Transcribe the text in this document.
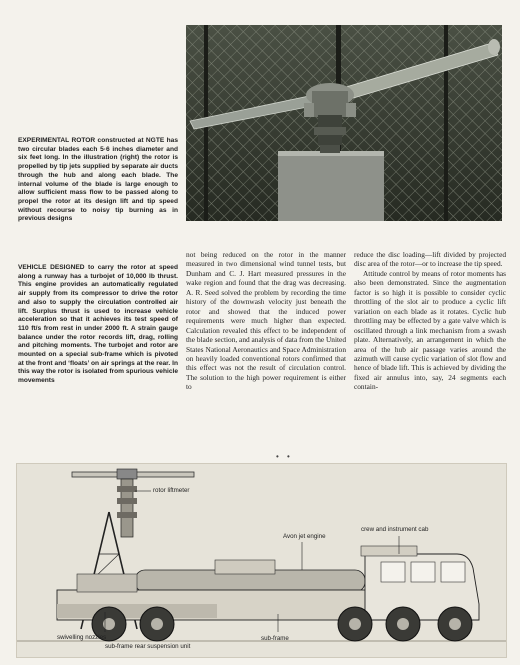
EXPERIMENTAL ROTOR constructed at NGTE has two circular blades each 5·6 inches diameter and six feet long. In the illustration (right) the rotor is propelled by tip jets supplied by separate air ducts through the hub and along each blade. The internal volume of the blade is large enough to allow sufficient mass flow to be passed along to propel the rotor at its design lift and tip speed without recourse to noisy tip burning as in previous designs

VEHICLE DESIGNED to carry the rotor at speed along a runway has a turbojet of 10,000 lb thrust. This engine provides an automatically regulated air supply from its compressor to drive the rotor and also to supply the circulation controlled air lift. Surplus thrust is used to increase vehicle acceleration so that it achieves its test speed of 110 ft/s from rest in under 2000 ft. A strain gauge balance under the rotor records lift, drag, rolling and pitching moments. The turbojet and rotor are mounted on a special sub-frame which is pivoted at the front and ‘floats’ on air springs at the rear. In this way the rotor is isolated from spurious vehicle movements

not being reduced on the rotor in the manner measured in two dimensional wind tunnel tests, but Dunham and C. J. Hart measured pressures in the wake region and found that the drag was decreasing. A. R. Seed solved the problem by recording the time history of the downwash velocity just beneath the rotor and showed that the induced power requirements were much higher than expected. Calculation revealed this effect to be independent of the blade section, and analysis of data from the United States National Aeronautics and Space Administration on heavily loaded conventional rotors confirmed that this effect was not the result of circulation control. The solution to the high power requirement is either to

reduce the disc loading—lift divided by projected disc area of the rotor—or to increase the tip speed.

Attitude control by means of rotor moments has also been demonstrated. Since the augmentation factor is so high it is possible to consider cyclic throttling of the slot air to produce a cyclic lift variation on each blade as it rotates. Cyclic hub throttling may be effected by a gate valve which is oscillated through a link mechanism from a swash plate. Alternatively, an arrangement in which the area of the hub air passage varies around the azimuth will cause cyclic variation of slot flow and hence of blade lift. This is achieved by dividing the fixed air annulus into, say, 24 segments each contain-

• •
rotor liftmeter
crew and instrument cab
Avon jet engine
swivelling nozzles	sub-frame
sub-frame rear suspension unit
